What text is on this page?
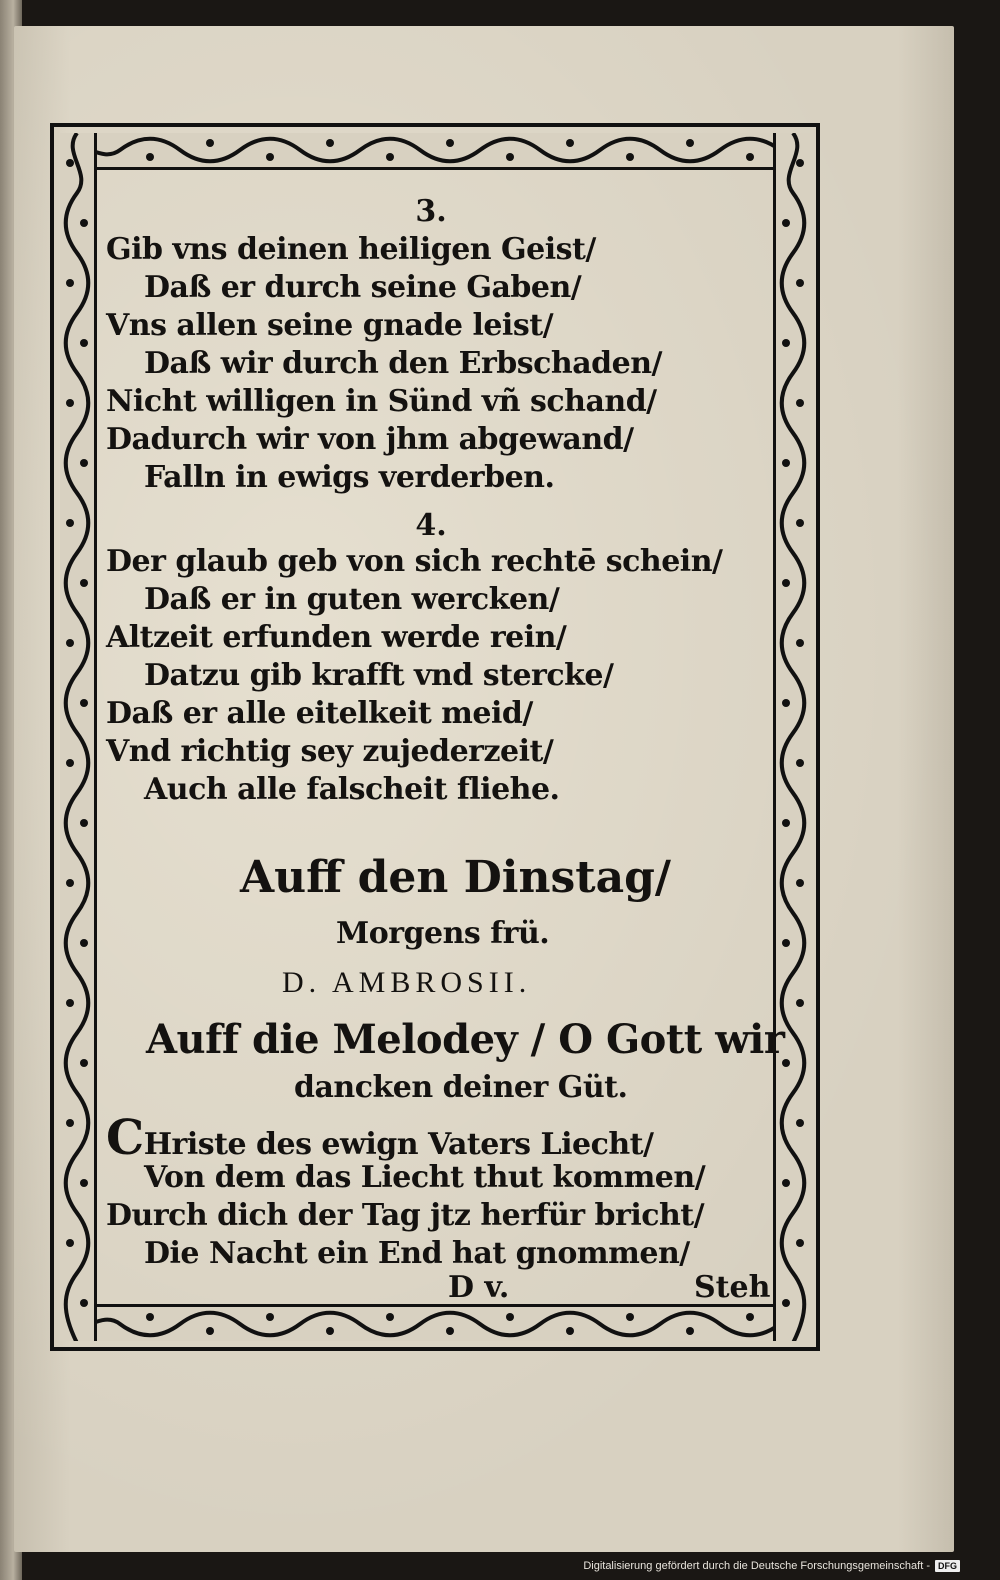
3.
Gib vns deinen heiligen Geist/
Daß er durch seine Gaben/
Vns allen seine gnade leist/
Daß wir durch den Erbschaden/
Nicht willigen in Sünd vñ schand/
Dadurch wir von jhm abgewand/
Falln in ewigs verderben.
4.
Der glaub geb von sich rechtē schein/
Daß er in guten wercken/
Altzeit erfunden werde rein/
Datzu gib krafft vnd stercke/
Daß er alle eitelkeit meid/
Vnd richtig sey zujederzeit/
Auch alle falscheit fliehe.
Auff den Dinstag/
Morgens frü.
D. AMBROSII.
Auff die Melodey / O Gott wir
dancken deiner Güt.
CHriste des ewign Vaters Liecht/
Von dem das Liecht thut kommen/
Durch dich der Tag jtz herfür bricht/
Die Nacht ein End hat gnommen/
D v.	Steh
Digitalisierung gefördert durch die Deutsche Forschungsgemeinschaft - DFG
